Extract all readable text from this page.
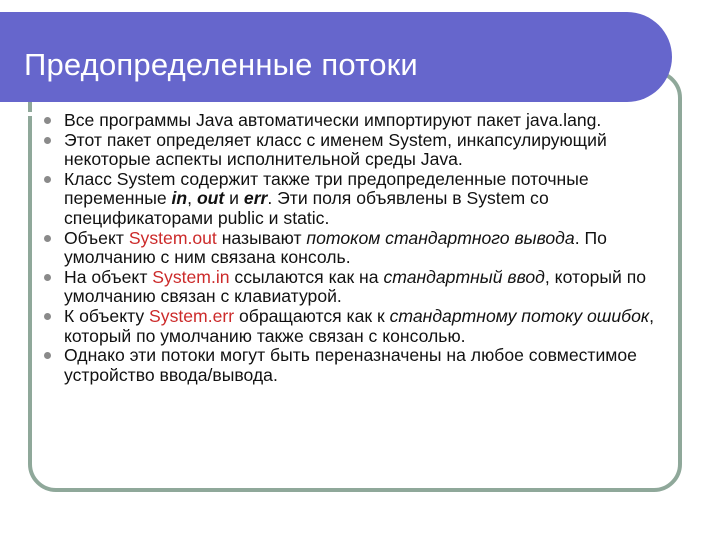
Предопределенные потоки
Все программы Java автоматически импортируют пакет java.lang.
Этот пакет определяет класс с именем System, инкапсулирующий некоторые аспекты исполнительной среды Java.
Класс System содержит также три предопределенные поточные переменные in, out и err. Эти поля объявлены в System со спецификаторами public и static.
Объект System.out называют потоком стандартного вывода. По умолчанию с ним связана консоль.
На объект System.in ссылаются как на стандартный ввод, который по умолчанию связан с клавиатурой.
К объекту System.err обращаются как к стандартному потоку ошибок, который по умолчанию также связан с консолью.
Однако эти потоки могут быть переназначены на любое совместимое устройство ввода/вывода.
